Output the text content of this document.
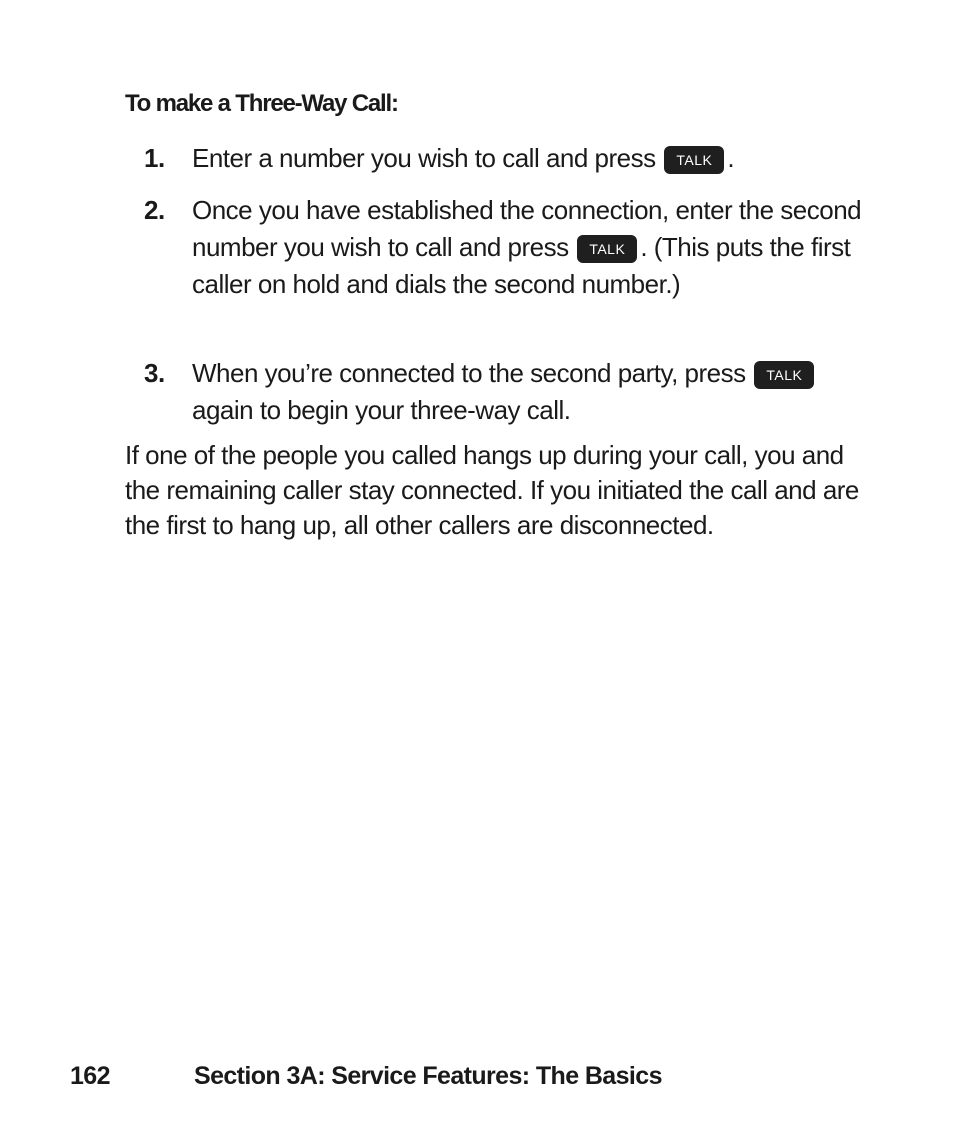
To make a Three-Way Call:
1. Enter a number you wish to call and press TALK .
2. Once you have established the connection, enter the second number you wish to call and press TALK . (This puts the first caller on hold and dials the second number.)
3. When you’re connected to the second party, press TALK again to begin your three-way call.

If one of the people you called hangs up during your call, you and the remaining caller stay connected. If you initiated the call and are the first to hang up, all other callers are disconnected.

162	Section 3A: Service Features: The Basics
